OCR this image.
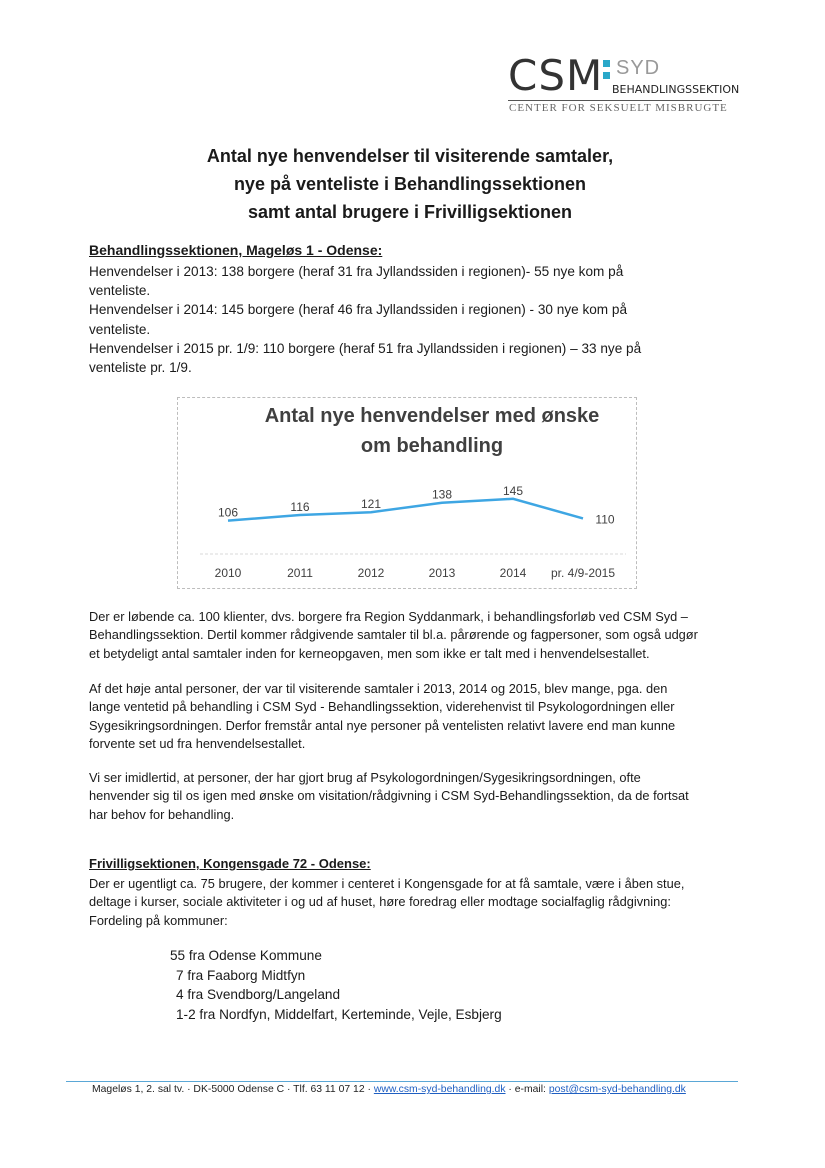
CSM SYD
BEHANDLINGSSEKTION
CENTER FOR SEKSUELT MISBRUGTE
Antal nye henvendelser til visiterende samtaler,
nye på venteliste i Behandlingssektionen
samt antal brugere i Frivilligsektionen
Behandlingssektionen, Mageløs 1 - Odense:
Henvendelser i 2013: 138 borgere (heraf 31 fra Jyllandssiden i regionen)- 55 nye kom på
venteliste.
Henvendelser i 2014: 145 borgere (heraf 46 fra Jyllandssiden i regionen) - 30 nye kom på
venteliste.
Henvendelser i 2015 pr. 1/9: 110 borgere (heraf 51 fra Jyllandssiden i regionen) – 33 nye på
venteliste pr. 1/9.
Antal nye henvendelser med ønske
om behandling
106	116	121
138	145
110
2010	2011	2012	2013	2014 pr. 4/9-2015
Der er løbende ca. 100 klienter, dvs. borgere fra Region Syddanmark, i behandlingsforløb ved CSM Syd –
Behandlingssektion. Dertil kommer rådgivende samtaler til bl.a. pårørende og fagpersoner, som også udgør
et betydeligt antal samtaler inden for kerneopgaven, men som ikke er talt med i henvendelsestallet.
Af det høje antal personer, der var til visiterende samtaler i 2013, 2014 og 2015, blev mange, pga. den
lange ventetid på behandling i CSM Syd - Behandlingssektion, viderehenvist til Psykologordningen eller
Sygesikringsordningen. Derfor fremstår antal nye personer på ventelisten relativt lavere end man kunne
forvente set ud fra henvendelsestallet.
Vi ser imidlertid, at personer, der har gjort brug af Psykologordningen/Sygesikringsordningen, ofte
henvender sig til os igen med ønske om visitation/rådgivning i CSM Syd-Behandlingssektion, da de fortsat
har behov for behandling.
Frivilligsektionen, Kongensgade 72 - Odense:
Der er ugentligt ca. 75 brugere, der kommer i centeret i Kongensgade for at få samtale, være i åben stue,
deltage i kurser, sociale aktiviteter i og ud af huset, høre foredrag eller modtage socialfaglig rådgivning:
Fordeling på kommuner:
55 fra Odense Kommune
7 fra Faaborg Midtfyn
4 fra Svendborg/Langeland
1-2 fra Nordfyn, Middelfart, Kerteminde, Vejle, Esbjerg
Mageløs 1, 2. sal tv. · DK-5000 Odense C · Tlf. 63 11 07 12 · www.csm-syd-behandling.dk · e-mail: post@csm-syd-behandling.dk
